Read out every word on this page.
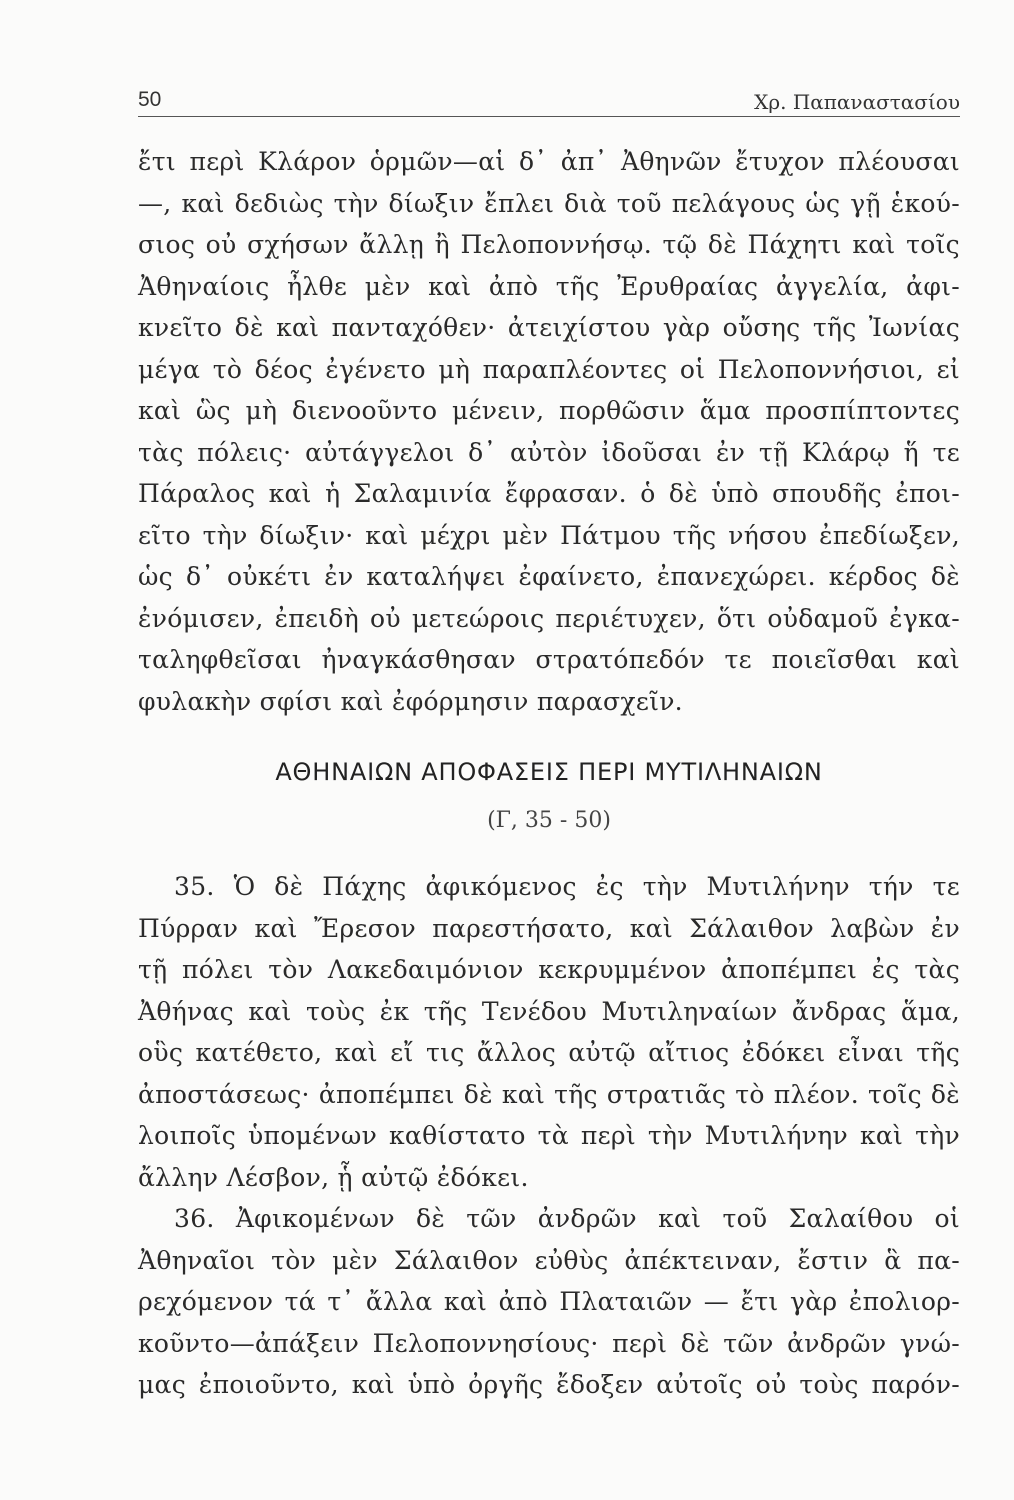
50	Χρ. Παπαναστασίου
ἔτι περὶ Κλάρον ὁρμῶν—αἱ δ᾽ ἀπ᾽ Ἀθηνῶν ἔτυχον πλέουσαι
—, καὶ δεδιὼς τὴν δίωξιν ἔπλει διὰ τοῦ πελάγους ὡς γῇ ἑκού-
σιος οὐ σχήσων ἄλλῃ ἢ Πελοποννήσῳ. τῷ δὲ Πάχητι καὶ τοῖς
Ἀθηναίοις ἦλθε μὲν καὶ ἀπὸ τῆς Ἐρυθραίας ἀγγελία, ἀφι-
κνεῖτο δὲ καὶ πανταχόθεν· ἀτειχίστου γὰρ οὔσης τῆς Ἰωνίας
μέγα τὸ δέος ἐγένετο μὴ παραπλέοντες οἱ Πελοποννήσιοι, εἰ
καὶ ὣς μὴ διενοοῦντο μένειν, πορθῶσιν ἅμα προσπίπτοντες
τὰς πόλεις· αὐτάγγελοι δ᾽ αὐτὸν ἰδοῦσαι ἐν τῇ Κλάρῳ ἥ τε
Πάραλος καὶ ἡ Σαλαμινία ἔφρασαν. ὁ δὲ ὑπὸ σπουδῆς ἐποι-
εῖτο τὴν δίωξιν· καὶ μέχρι μὲν Πάτμου τῆς νήσου ἐπεδίωξεν,
ὡς δ᾽ οὐκέτι ἐν καταλήψει ἐφαίνετο, ἐπανεχώρει. κέρδος δὲ
ἐνόμισεν, ἐπειδὴ οὐ μετεώροις περιέτυχεν, ὅτι οὐδαμοῦ ἐγκα-
ταληφθεῖσαι ἠναγκάσθησαν στρατόπεδόν τε ποιεῖσθαι καὶ
φυλακὴν σφίσι καὶ ἐφόρμησιν παρασχεῖν.
ΑΘΗΝΑΙΩΝ ΑΠΟΦΑΣΕΙΣ ΠΕΡΙ ΜΥΤΙΛΗΝΑΙΩΝ
(Γ, 35 - 50)
35. Ὁ δὲ Πάχης ἀφικόμενος ἐς τὴν Μυτιλήνην τήν τε
Πύρραν καὶ Ἔρεσον παρεστήσατο, καὶ Σάλαιθον λαβὼν ἐν
τῇ πόλει τὸν Λακεδαιμόνιον κεκρυμμένον ἀποπέμπει ἐς τὰς
Ἀθήνας καὶ τοὺς ἐκ τῆς Τενέδου Μυτιληναίων ἄνδρας ἅμα,
οὓς κατέθετο, καὶ εἴ τις ἄλλος αὐτῷ αἴτιος ἐδόκει εἶναι τῆς
ἀποστάσεως· ἀποπέμπει δὲ καὶ τῆς στρατιᾶς τὸ πλέον. τοῖς δὲ
λοιποῖς ὑπομένων καθίστατο τὰ περὶ τὴν Μυτιλήνην καὶ τὴν
ἄλλην Λέσβον, ᾗ αὐτῷ ἐδόκει.
36. Ἀφικομένων δὲ τῶν ἀνδρῶν καὶ τοῦ Σαλαίθου οἱ
Ἀθηναῖοι τὸν μὲν Σάλαιθον εὐθὺς ἀπέκτειναν, ἔστιν ἃ πα-
ρεχόμενον τά τ᾽ ἄλλα καὶ ἀπὸ Πλαταιῶν — ἔτι γὰρ ἐπολιορ-
κοῦντο—ἀπάξειν Πελοποννησίους· περὶ δὲ τῶν ἀνδρῶν γνώ-
μας ἐποιοῦντο, καὶ ὑπὸ ὀργῆς ἔδοξεν αὐτοῖς οὐ τοὺς παρόν-
